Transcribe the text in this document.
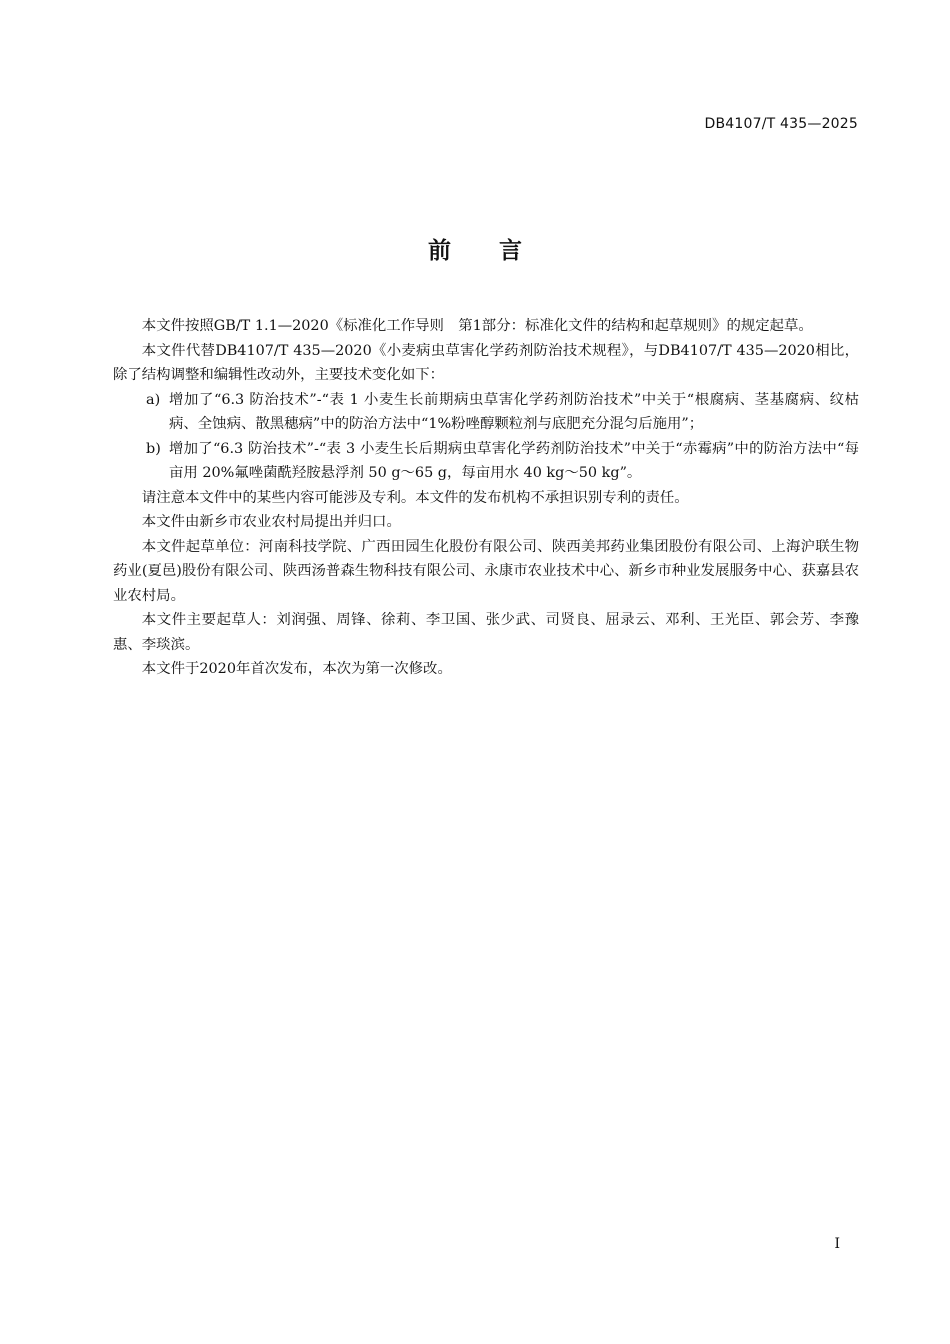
DB4107/T 435—2025
前言

本文件按照GB/T 1.1—2020《标准化工作导则　第1部分：标准化文件的结构和起草规则》的规定起草。

本文件代替DB4107/T 435—2020《小麦病虫草害化学药剂防治技术规程》，与DB4107/T 435—2020相比，除了结构调整和编辑性改动外，主要技术变化如下：

a) 增加了“6.3 防治技术”-“表 1 小麦生长前期病虫草害化学药剂防治技术”中关于“根腐病、茎基腐病、纹枯病、全蚀病、散黑穗病”中的防治方法中“1%粉唑醇颗粒剂与底肥充分混匀后施用”；
b) 增加了“6.3 防治技术”-“表 3 小麦生长后期病虫草害化学药剂防治技术”中关于“赤霉病”中的防治方法中“每亩用 20%氟唑菌酰羟胺悬浮剂 50 g～65 g，每亩用水 40 kg～50 kg”。

请注意本文件中的某些内容可能涉及专利。本文件的发布机构不承担识别专利的责任。

本文件由新乡市农业农村局提出并归口。

本文件起草单位：河南科技学院、广西田园生化股份有限公司、陕西美邦药业集团股份有限公司、上海沪联生物药业(夏邑)股份有限公司、陕西汤普森生物科技有限公司、永康市农业技术中心、新乡市种业发展服务中心、获嘉县农业农村局。

本文件主要起草人：刘润强、周锋、徐莉、李卫国、张少武、司贤良、屈录云、邓利、王光臣、郭会芳、李豫惠、李琰滨。

本文件于2020年首次发布，本次为第一次修改。

I
